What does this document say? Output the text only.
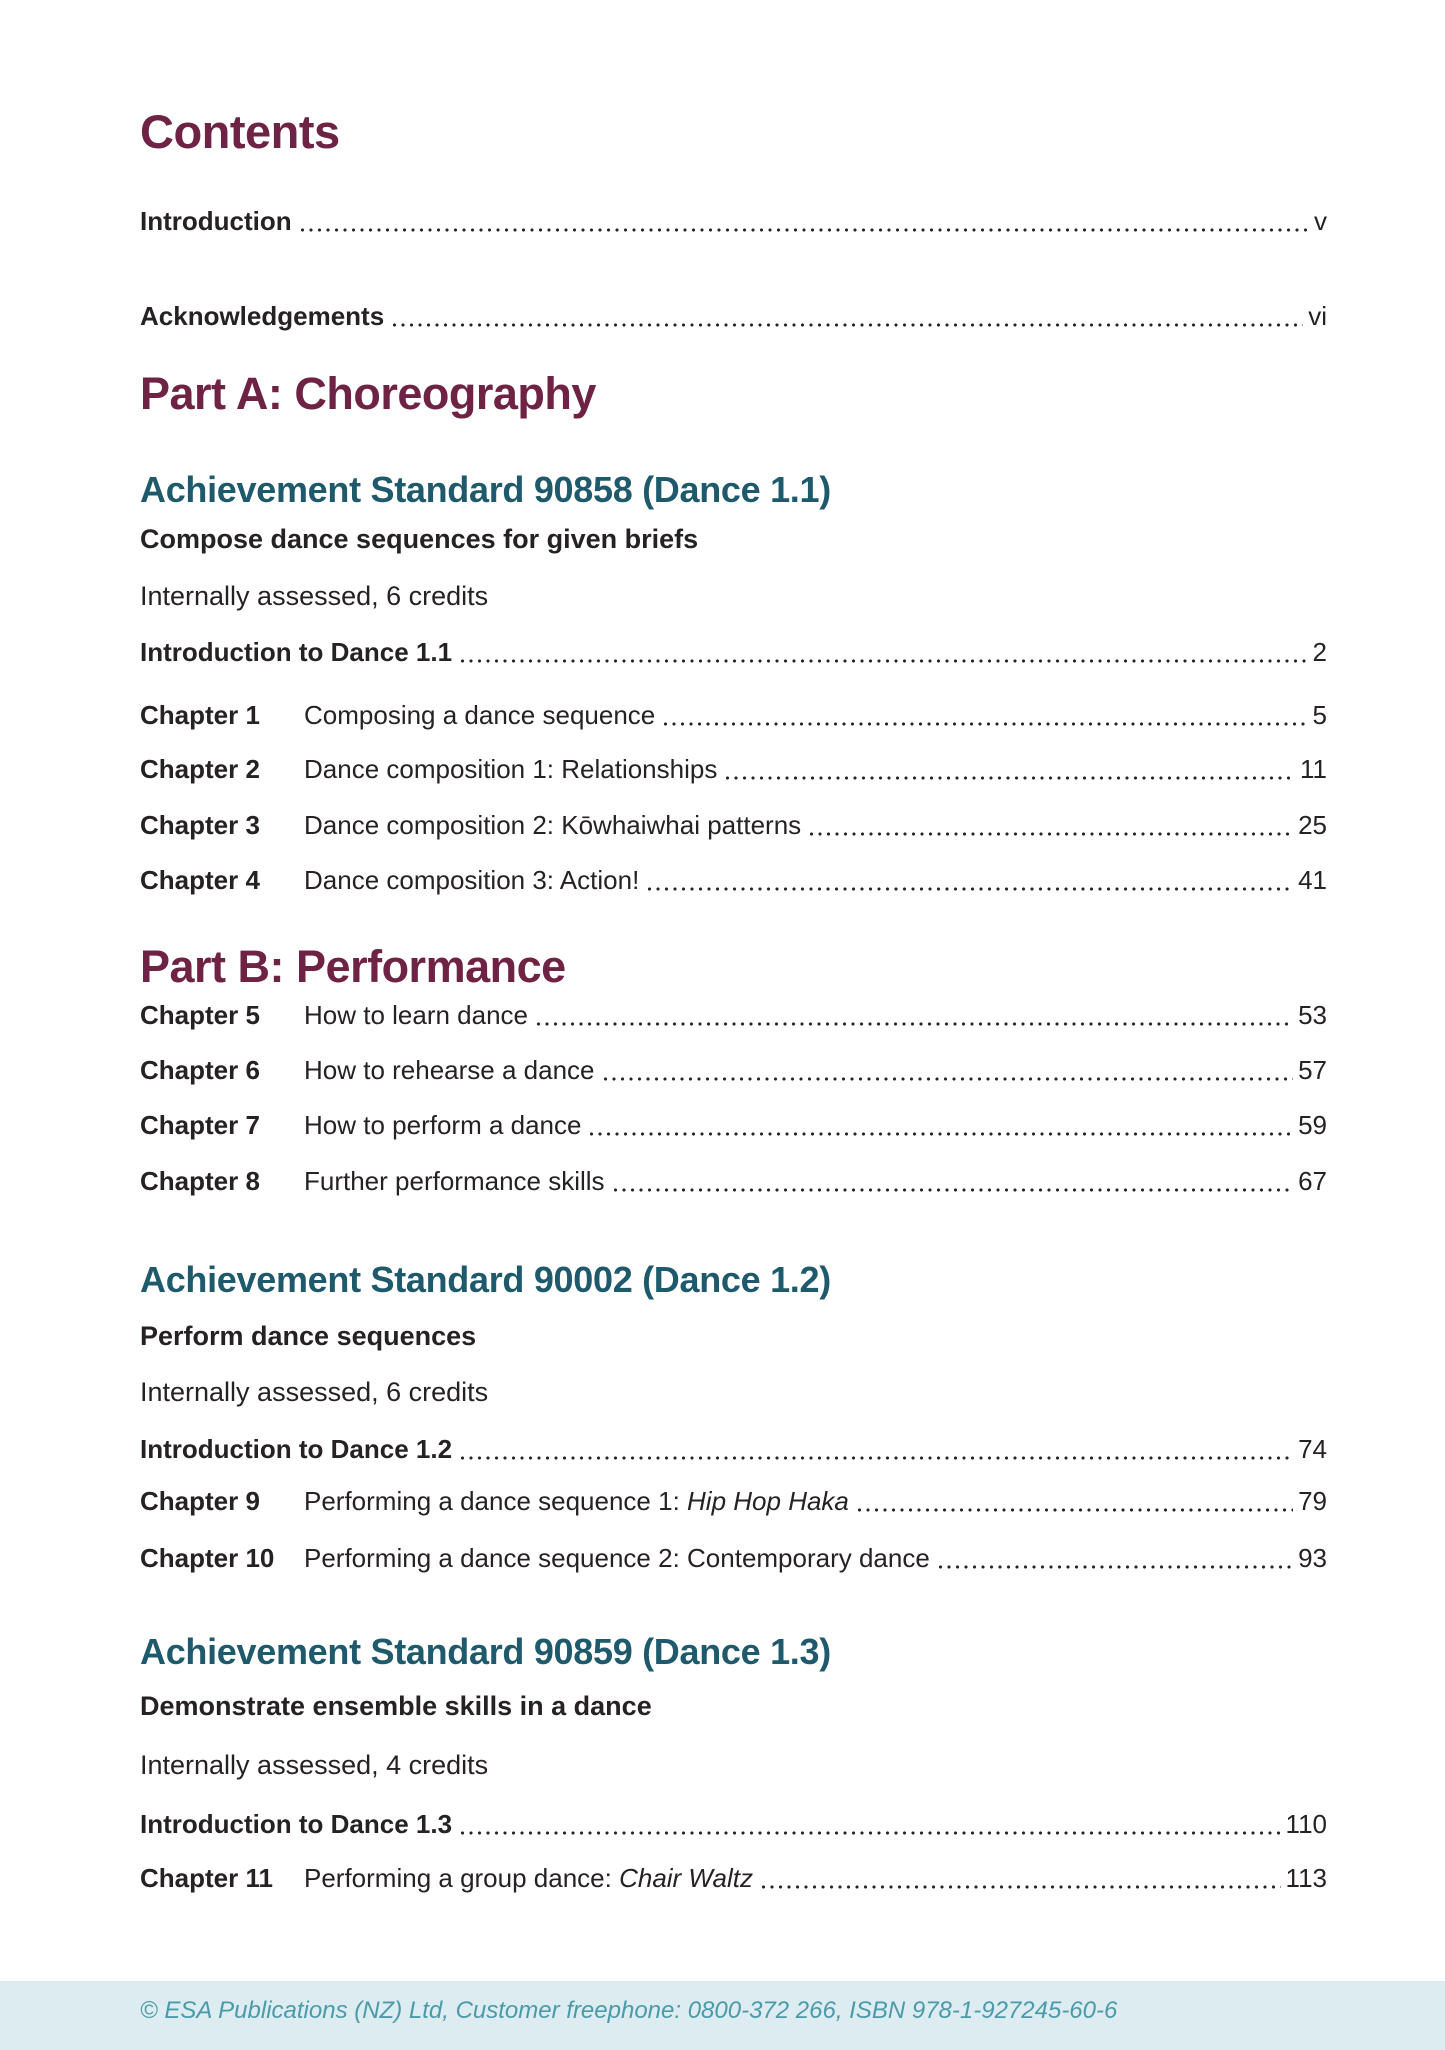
Contents
Introduction	v
Acknowledgements	vi
Part A: Choreography
Achievement Standard 90858 (Dance 1.1)

Compose dance sequences for given briefs

Internally assessed, 6 credits

Introduction to Dance 1.1	2
Chapter 1	Composing a dance sequence	5
Chapter 2	Dance composition 1: Relationships	11
Chapter 3	Dance composition 2: Kōwhaiwhai patterns	25
Chapter 4	Dance composition 3: Action!	41
Part B: Performance
Chapter 5	How to learn dance	53
Chapter 6	How to rehearse a dance	57
Chapter 7	How to perform a dance	59
Chapter 8	Further performance skills	67
Achievement Standard 90002 (Dance 1.2)

Perform dance sequences

Internally assessed, 6 credits

Introduction to Dance 1.2	74
Chapter 9	Performing a dance sequence 1: Hip Hop Haka	79
Chapter 10	Performing a dance sequence 2: Contemporary dance	93
Achievement Standard 90859 (Dance 1.3)

Demonstrate ensemble skills in a dance

Internally assessed, 4 credits

Introduction to Dance 1.3	110
Chapter 11	Performing a group dance: Chair Waltz	113
© ESA Publications (NZ) Ltd, Customer freephone: 0800-372 266, ISBN 978-1-927245-60-6
